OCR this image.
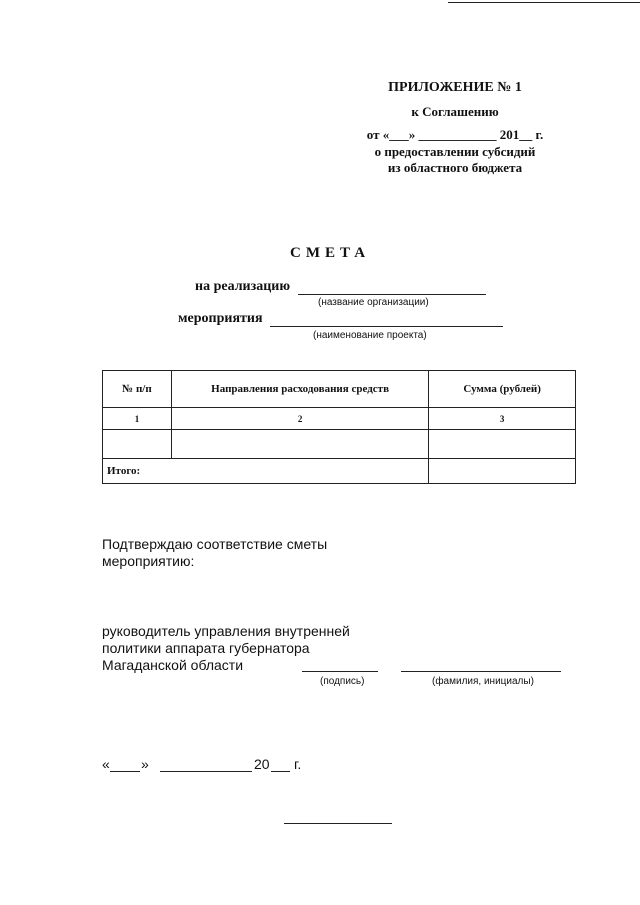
ПРИЛОЖЕНИЕ № 1
к Соглашению
от «___» ____________ 201__ г.
о предоставлении субсидий
из областного бюджета
СМЕТА
на реализацию
(название организации)
мероприятия
(наименование проекта)
№ п/п	Направления расходования средств	Сумма (рублей)
1	2	3

Итого:		
Подтверждаю соответствие сметы
мероприятию:
руководитель управления внутренней
политики аппарата губернатора
Магаданской области
(подпись)	(фамилия, инициалы)
« »	20 г.
